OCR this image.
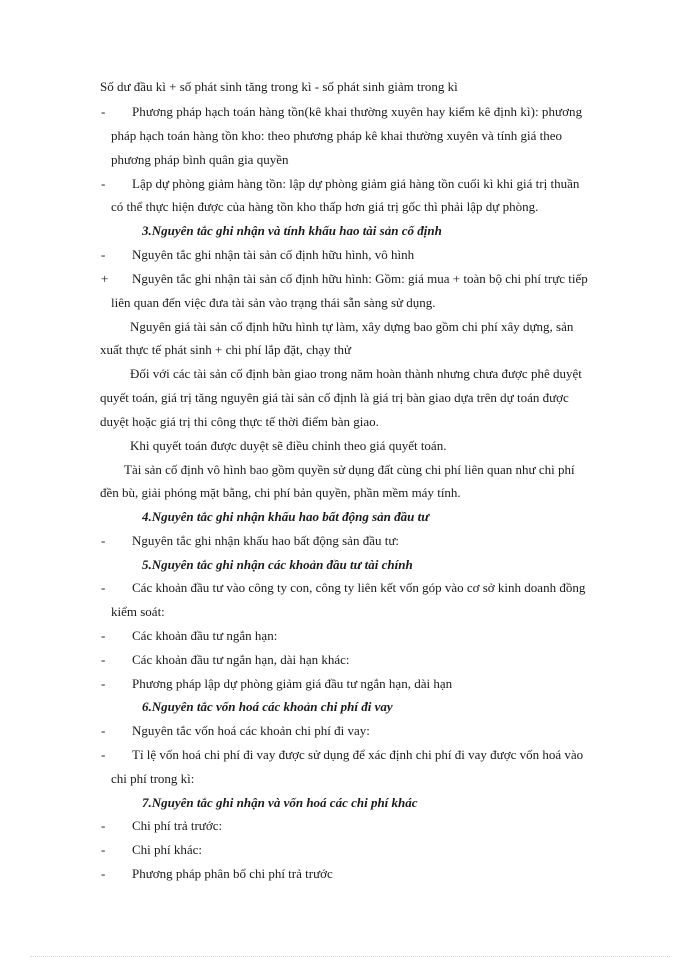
Số dư đầu kì + số phát sinh tăng trong kì - số phát sinh giảm trong kì
- Phương pháp hạch toán hàng tồn(kê khai thường xuyên hay kiểm kê định kì): phương
pháp hạch toán hàng tồn kho: theo phương pháp kê khai thường xuyên và tính giá theo
phương pháp bình quân gia quyền
- Lập dự phòng giảm hàng tồn: lập dự phòng giảm giá hàng tồn cuối kì khi giá trị thuần
có thể thực hiện được của hàng tồn kho thấp hơn giá trị gốc thì phải lập dự phòng.
3.Nguyên tắc ghi nhận và tính khấu hao tài sản cố định
- Nguyên tắc ghi nhận tài sản cố định hữu hình, vô hình
+ Nguyên tắc ghi nhận tài sản cố định hữu hình: Gồm: giá mua + toàn bộ chi phí trực tiếp
liên quan đến việc đưa tài sản vào trạng thái sẵn sàng sử dụng.
Nguyên giá tài sản cố định hữu hình tự làm, xây dựng bao gồm chi phí xây dựng, sản
xuất thực tế phát sinh + chi phí lắp đặt, chạy thử
Đối với các tài sản cố định bàn giao trong năm hoàn thành nhưng chưa được phê duyệt
quyết toán, giá trị tăng nguyên giá tài sản cố định là giá trị bàn giao dựa trên dự toán được
duyệt hoặc giá trị thi công thực tế thời điểm bàn giao.
Khi quyết toán được duyệt sẽ điều chỉnh theo giá quyết toán.
Tài sản cố định vô hình bao gồm quyền sử dụng đất cùng chi phí liên quan như chi phí
đền bù, giải phóng mặt bằng, chi phí bản quyền, phần mềm máy tính.
4.Nguyên tắc ghi nhận khấu hao bất động sản đầu tư
- Nguyên tắc ghi nhận khấu hao bất động sản đầu tư:
5.Nguyên tắc ghi nhận các khoản đầu tư tài chính
- Các khoản đầu tư vào công ty con, công ty liên kết vốn góp vào cơ sở kinh doanh đồng
kiểm soát:
- Các khoản đầu tư ngắn hạn:
- Các khoản đầu tư ngắn hạn, dài hạn khác:
- Phương pháp lập dự phòng giảm giá đầu tư ngắn hạn, dài hạn
6.Nguyên tắc vốn hoá các khoản chi phí đi vay
- Nguyên tắc vốn hoá các khoản chi phí đi vay:
- Tỉ lệ vốn hoá chi phí đi vay được sử dụng để xác định chi phí đi vay được vốn hoá vào
chi phí trong kì:
7.Nguyên tắc ghi nhận và vốn hoá các chi phí khác
- Chi phí trả trước:
- Chi phí khác:
- Phương pháp phân bổ chi phí trả trước
